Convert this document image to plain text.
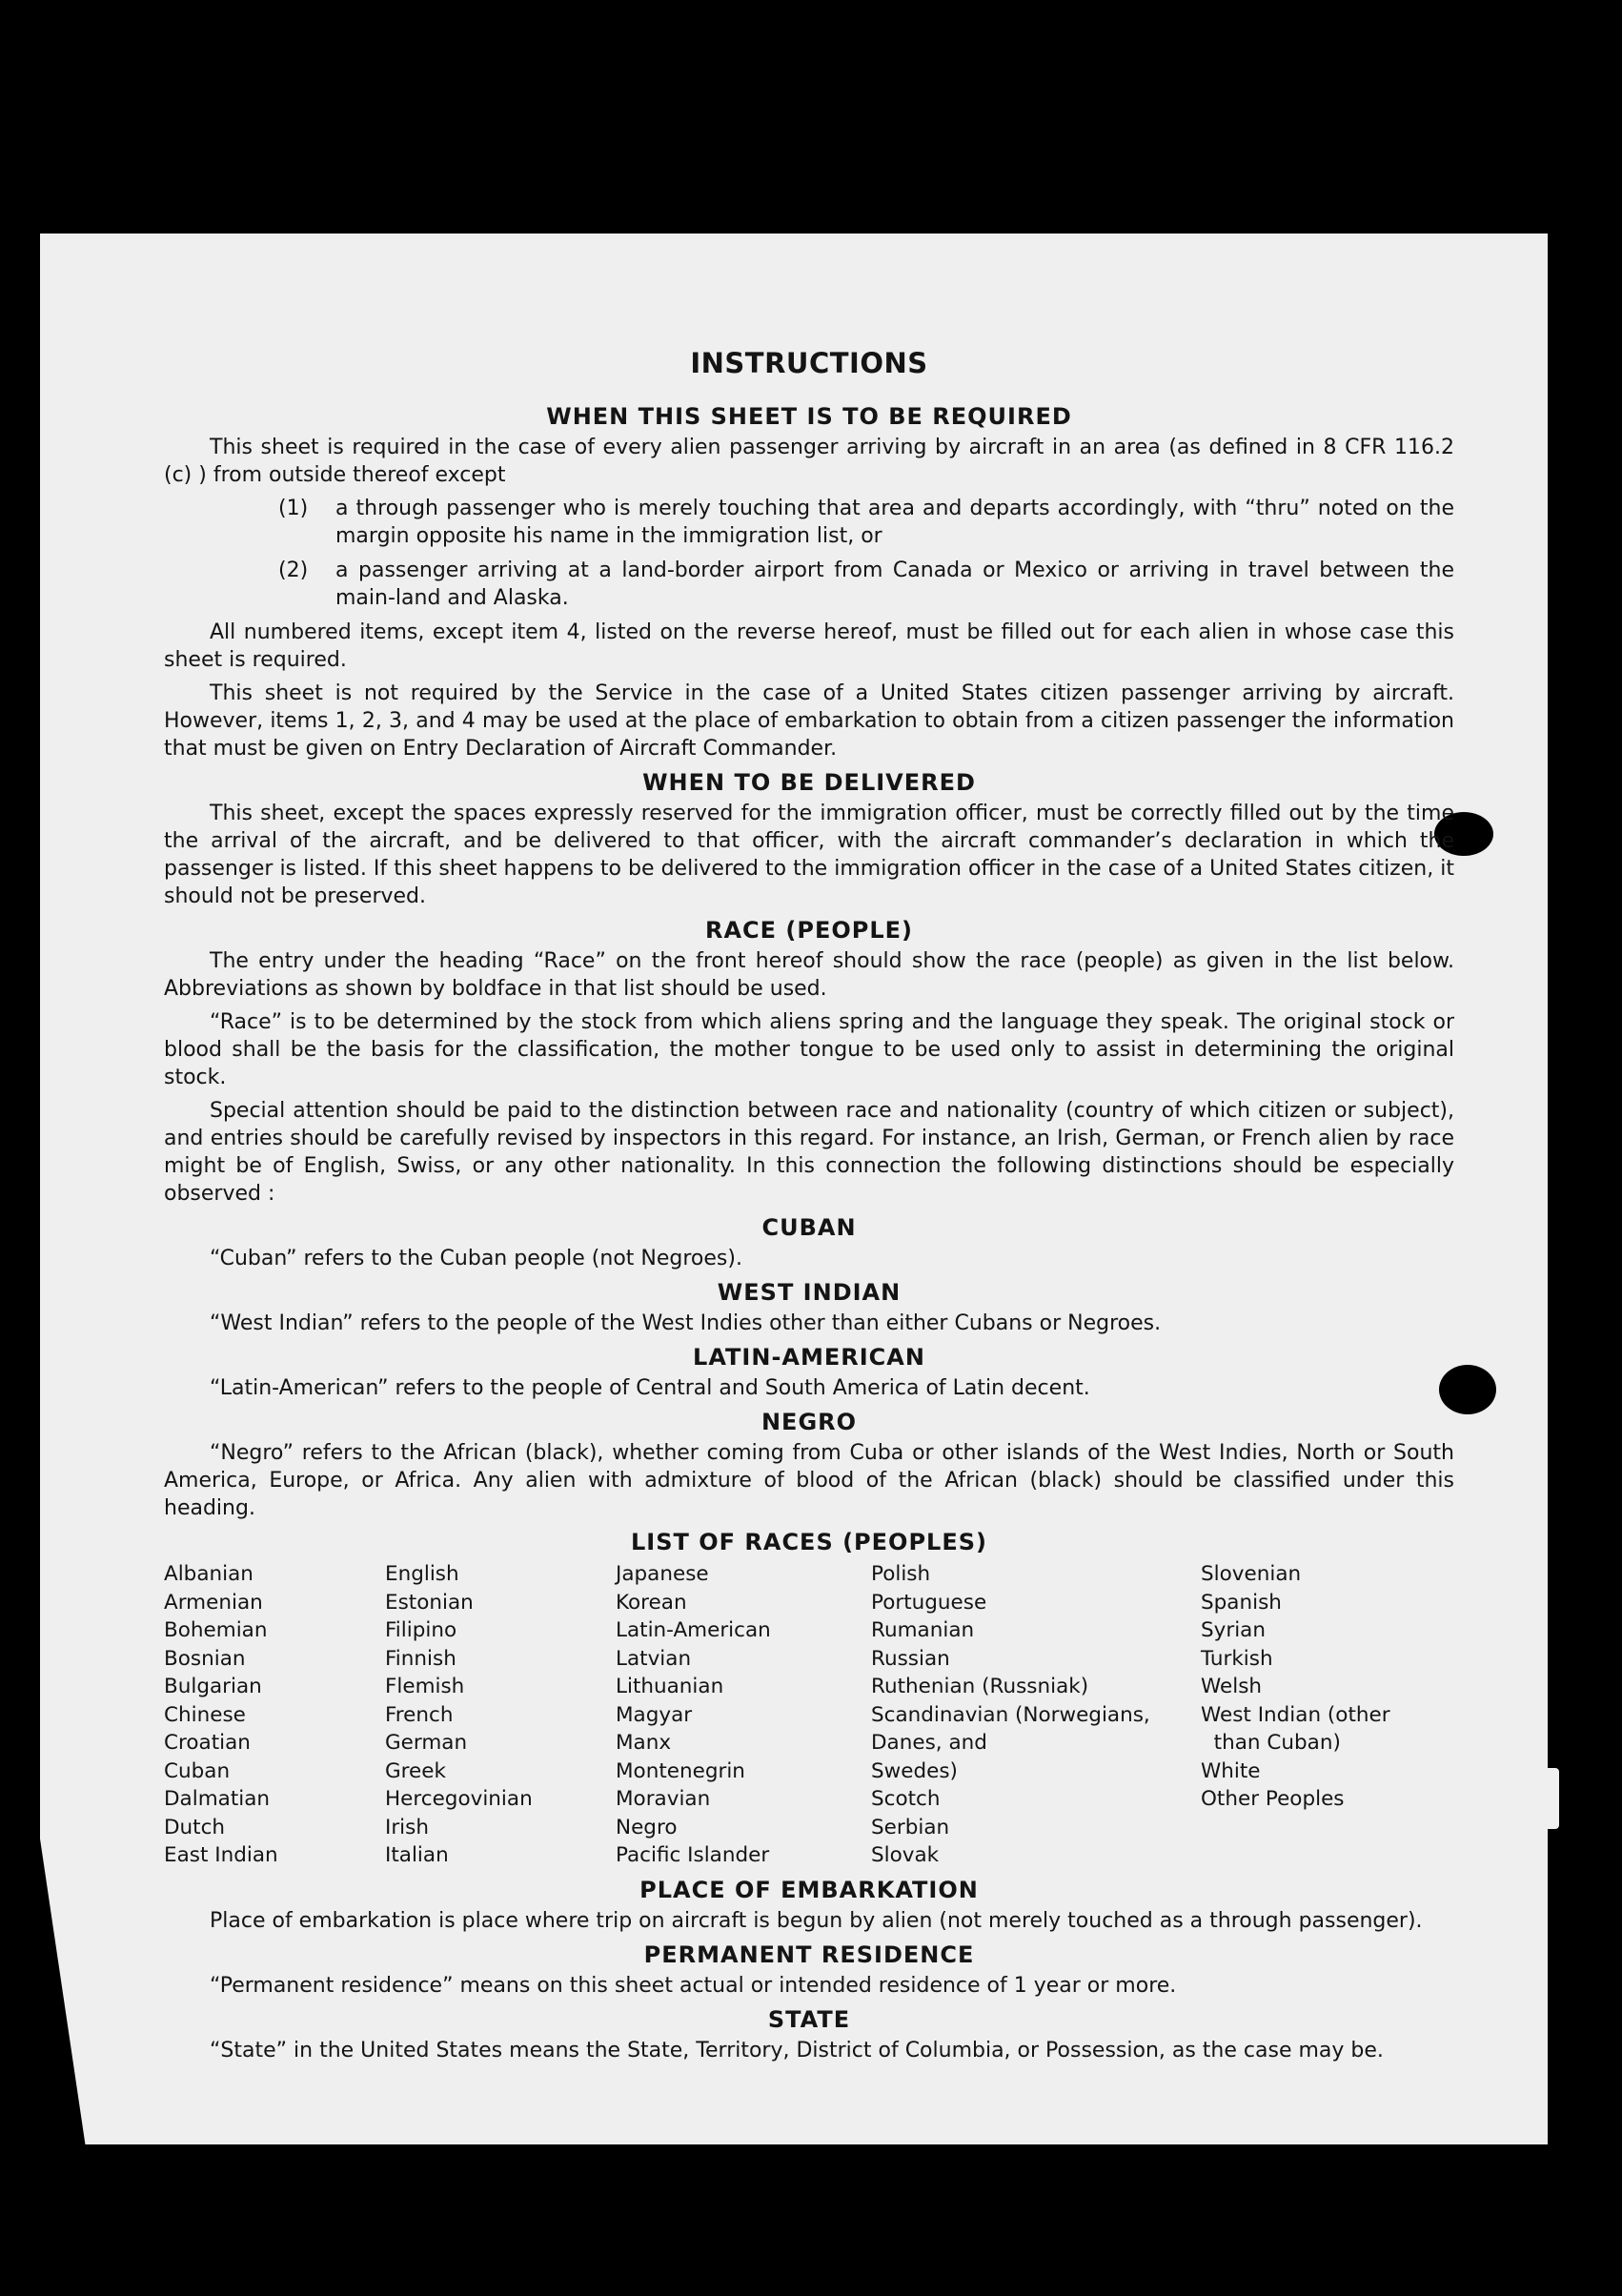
INSTRUCTIONS
WHEN THIS SHEET IS TO BE REQUIRED

This sheet is required in the case of every alien passenger arriving by aircraft in an area (as defined in 8 CFR 116.2 (c) ) from outside thereof except

(1)	a through passenger who is merely touching that area and departs accordingly, with “thru” noted on the margin opposite his name in the immigration list, or
(2)	a passenger arriving at a land-border airport from Canada or Mexico or arriving in travel between the main-land and Alaska.

All numbered items, except item 4, listed on the reverse hereof, must be filled out for each alien in whose case this sheet is required.

This sheet is not required by the Service in the case of a United States citizen passenger arriving by aircraft. However, items 1, 2, 3, and 4 may be used at the place of embarkation to obtain from a citizen passenger the information that must be given on Entry Declaration of Aircraft Commander.

WHEN TO BE DELIVERED

This sheet, except the spaces expressly reserved for the immigration officer, must be correctly filled out by the time the arrival of the aircraft, and be delivered to that officer, with the aircraft commander’s declaration in which the passenger is listed. If this sheet happens to be delivered to the immigration officer in the case of a United States citizen, it should not be preserved.

RACE (PEOPLE)

The entry under the heading “Race” on the front hereof should show the race (people) as given in the list below. Abbreviations as shown by boldface in that list should be used.

“Race” is to be determined by the stock from which aliens spring and the language they speak. The original stock or blood shall be the basis for the classification, the mother tongue to be used only to assist in determining the original stock.

Special attention should be paid to the distinction between race and nationality (country of which citizen or subject), and entries should be carefully revised by inspectors in this regard. For instance, an Irish, German, or French alien by race might be of English, Swiss, or any other nationality. In this connection the following distinctions should be especially observed :

CUBAN

“Cuban” refers to the Cuban people (not Negroes).

WEST INDIAN

“West Indian” refers to the people of the West Indies other than either Cubans or Negroes.

LATIN-AMERICAN

“Latin-American” refers to the people of Central and South America of Latin decent.

NEGRO

“Negro” refers to the African (black), whether coming from Cuba or other islands of the West Indies, North or South America, Europe, or Africa. Any alien with admixture of blood of the African (black) should be classified under this heading.

LIST OF RACES (PEOPLES)
Albanian
Armenian
Bohemian
Bosnian
Bulgarian
Chinese
Croatian
Cuban
Dalmatian
Dutch
East Indian
English
Estonian
Filipino
Finnish
Flemish
French
German
Greek
Hercegovinian
Irish
Italian
Japanese
Korean
Latin-American
Latvian
Lithuanian
Magyar
Manx
Montenegrin
Moravian
Negro
Pacific Islander
Polish
Portuguese
Rumanian
Russian
Ruthenian (Russniak)
Scandinavian (Norwegians,
Danes, and
Swedes)
Scotch
Serbian
Slovak
Slovenian
Spanish
Syrian
Turkish
Welsh
West Indian (other
than Cuban)
White
Other Peoples
PLACE OF EMBARKATION

Place of embarkation is place where trip on aircraft is begun by alien (not merely touched as a through passenger).

PERMANENT RESIDENCE

“Permanent residence” means on this sheet actual or intended residence of 1 year or more.

STATE

“State” in the United States means the State, Territory, District of Columbia, or Possession, as the case may be.
